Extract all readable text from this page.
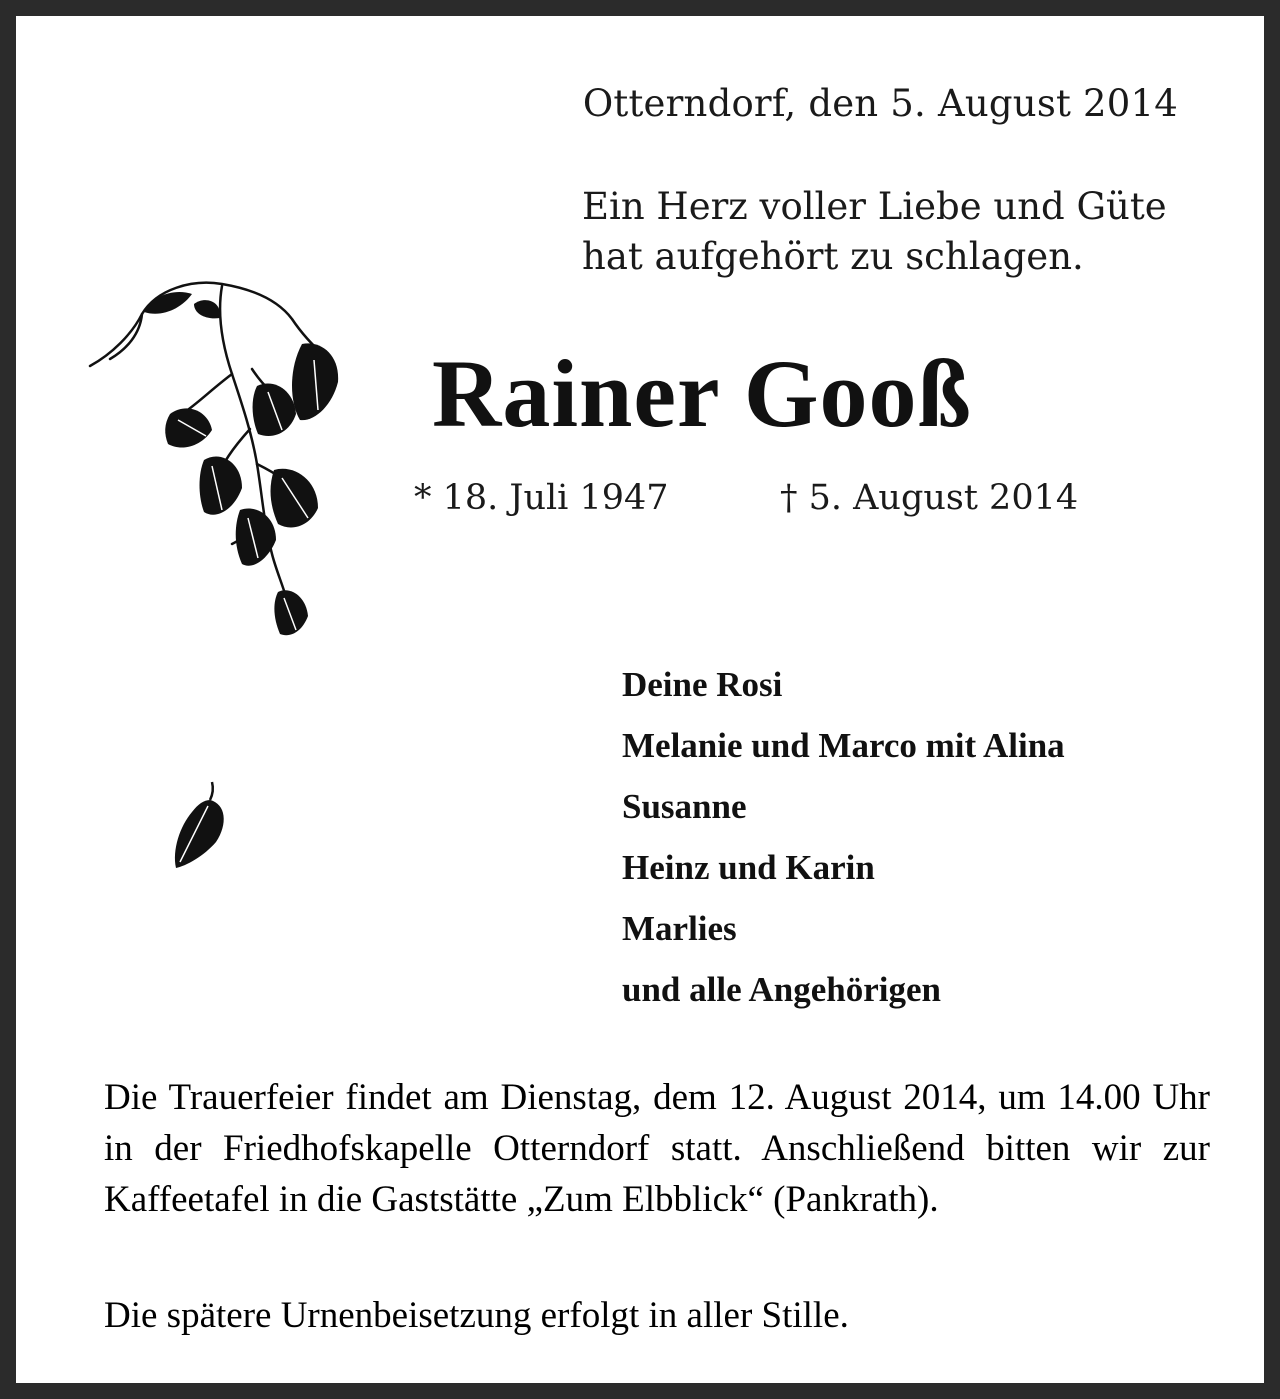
Otterndorf, den 5. August 2014
Ein Herz voller Liebe und Güte
hat aufgehört zu schlagen.
Rainer Gooß
* 18. Juli 1947	† 5. August 2014
Deine Rosi
Melanie und Marco mit Alina
Susanne
Heinz und Karin
Marlies
und alle Angehörigen
Die Trauerfeier findet am Dienstag, dem 12. August 2014, um 14.00 Uhr in der Friedhofskapelle Otterndorf statt. Anschließend bitten wir zur Kaffeetafel in die Gaststätte „Zum Elbblick“ (Pankrath).
Die spätere Urnenbeisetzung erfolgt in aller Stille.
